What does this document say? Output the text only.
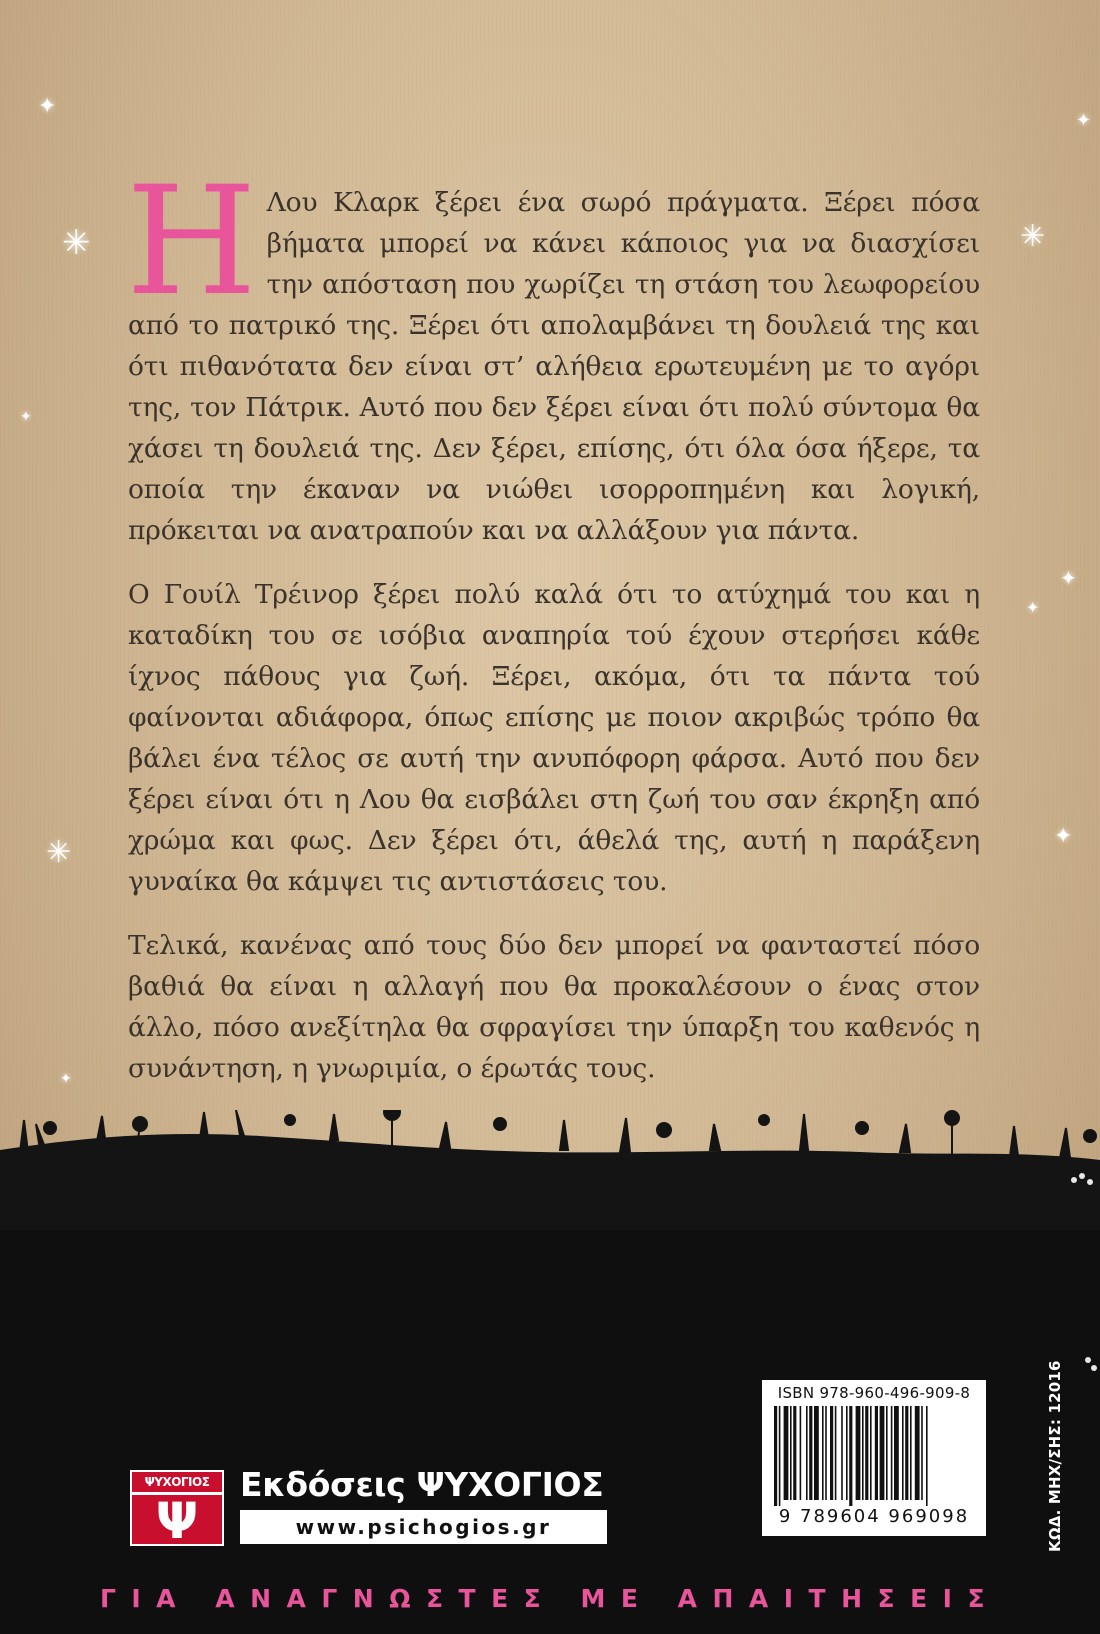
✦
✳	✳
✦
✦
✦
✦
✦
✳
✦

Η Λου Κλαρκ ξέρει ένα σωρό πράγματα. Ξέρει πόσα βήματα μπορεί να κάνει κάποιος για να διασχίσει την απόσταση που χωρίζει τη στάση του λεωφορείου από το πατρικό της. Ξέρει ότι απολαμβάνει τη δουλειά της και ότι πιθανότατα δεν είναι στ’ αλήθεια ερωτευμένη με το αγόρι της, τον Πάτρικ. Αυτό που δεν ξέρει είναι ότι πολύ σύντομα θα χάσει τη δουλειά της. Δεν ξέρει, επίσης, ότι όλα όσα ήξερε, τα οποία την έκαναν να νιώθει ισορροπημένη και λογική, πρόκειται να ανατραπούν και να αλλάξουν για πάντα.

Ο Γουίλ Τρέινορ ξέρει πολύ καλά ότι το ατύχημά του και η καταδίκη του σε ισόβια αναπηρία τού έχουν στερήσει κάθε ίχνος πάθους για ζωή. Ξέρει, ακόμα, ότι τα πάντα τού φαίνονται αδιάφορα, όπως επίσης με ποιον ακριβώς τρόπο θα βάλει ένα τέλος σε αυτή την ανυπόφορη φάρσα. Αυτό που δεν ξέρει είναι ότι η Λου θα εισβάλει στη ζωή του σαν έκρηξη από χρώμα και φως. Δεν ξέρει ότι, άθελά της, αυτή η παράξενη γυναίκα θα κάμψει τις αντιστάσεις του.

Τελικά, κανένας από τους δύο δεν μπορεί να φανταστεί πόσο βαθιά θα είναι η αλλαγή που θα προκαλέσουν ο ένας στον άλλο, πόσο ανεξίτηλα θα σφραγίσει την ύπαρξη του καθενός η συνάντηση, η γνωριμία, ο έρωτάς τους.

ΨΥΧΟΓΙΟΣ
Ψ
Εκδόσεις ΨΥΧΟΓΙΟΣ
www.psichogios.gr
ISBN 978-960-496-909-8
9 789604 969098	ΚΩΔ. ΜΗΧ/ΣΗΣ: 12016
ΓΙΑ ΑΝΑΓΝΩΣΤΕΣ ΜΕ ΑΠΑΙΤΗΣΕΙΣ
